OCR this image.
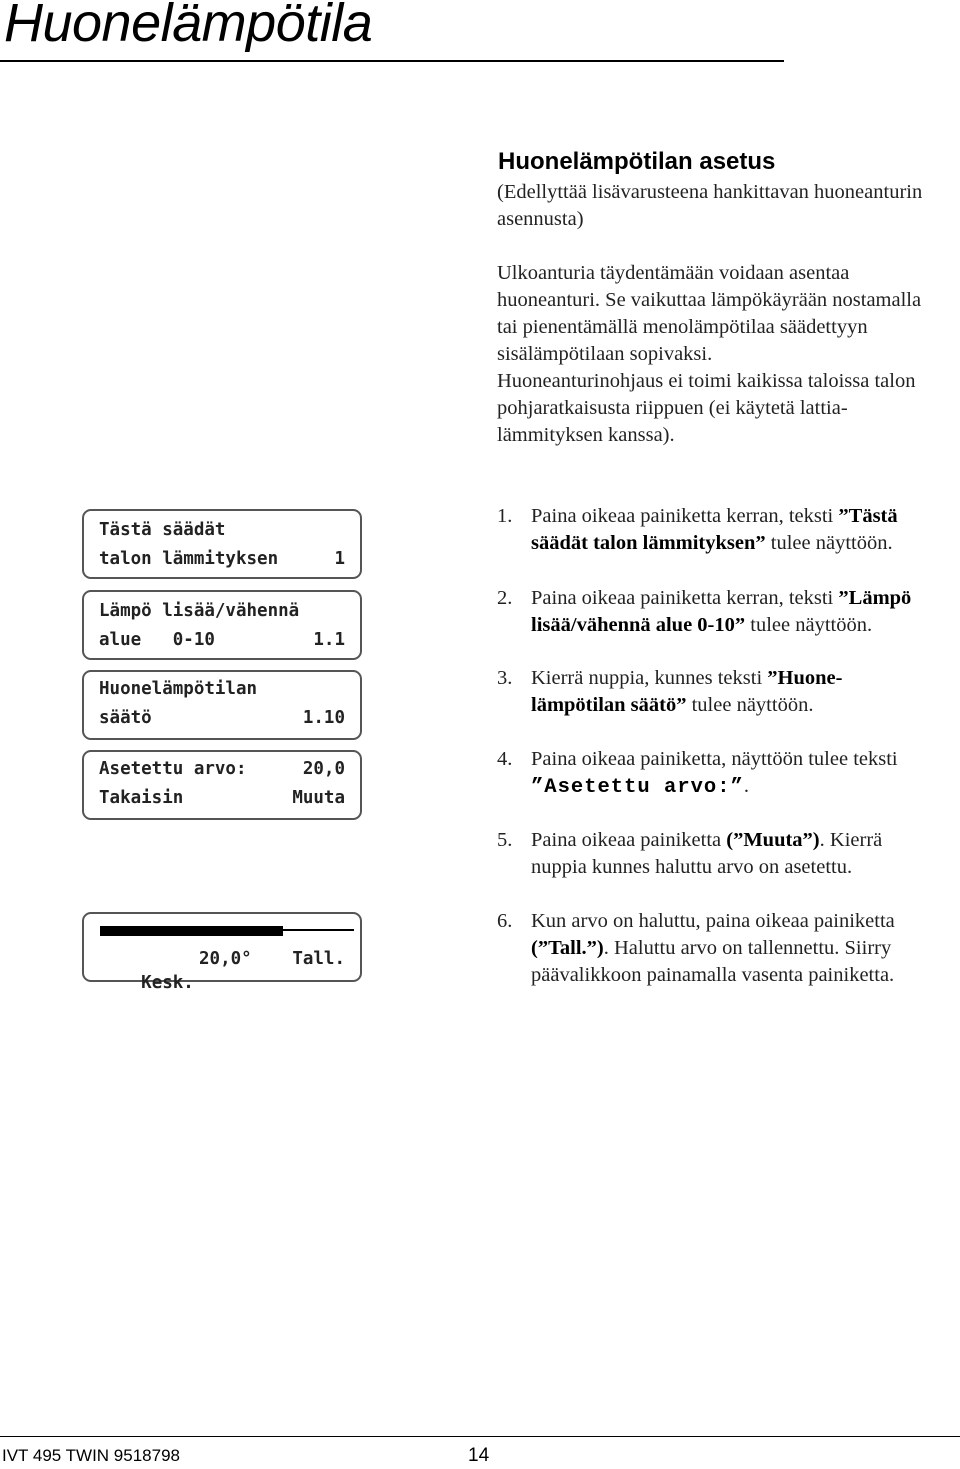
Huonelämpötila
Huonelämpötilan asetus
(Edellyttää lisävarusteena hankittavan huoneanturin
asennusta)
Ulkoanturia täydentämään voidaan asentaa
huoneanturi. Se vaikuttaa lämpökäyrään nostamalla
tai pienentämällä menolämpötilaa säädettyyn
sisälämpötilaan sopivaksi.
Huoneanturinohjaus ei toimi kaikissa taloissa talon
pohjaratkaisusta riippuen (ei käytetä lattia-
lämmityksen kanssa).
Tästä säädät
talon lämmityksen	1
Lämpö lisää/vähennä
alue   0-10	1.1
Huonelämpötilan
säätö	1.10
Asetettu arvo:	20,0
Takaisin	Muuta

Kesk.

20,0°

Tall.

1. Paina oikeaa painiketta kerran, teksti ”Tästä
säädät talon lämmityksen” tulee näyttöön.
2. Paina oikeaa painiketta kerran, teksti ”Lämpö
lisää/vähennä alue 0-10” tulee näyttöön.
3. Kierrä nuppia, kunnes teksti ”Huone-
lämpötilan säätö” tulee näyttöön.
4. Paina oikeaa painiketta, näyttöön tulee teksti
”Asetettu arvo:”.
5. Paina oikeaa painiketta (”Muuta”). Kierrä
nuppia kunnes haluttu arvo on asetettu.
6. Kun arvo on haluttu, paina oikeaa painiketta
(”Tall.”). Haluttu arvo on tallennettu. Siirry
päävalikkoon painamalla vasenta painiketta.
IVT 495 TWIN 9518798	14
